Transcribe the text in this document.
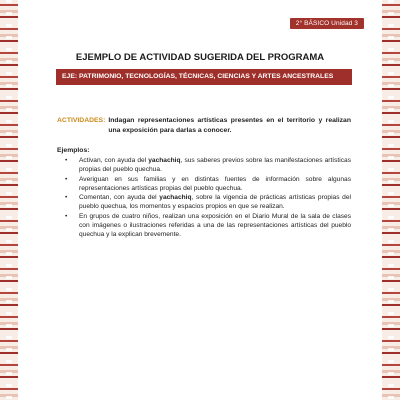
2° BÁSICO Unidad 3
EJEMPLO DE ACTIVIDAD SUGERIDA DEL PROGRAMA
EJE: PATRIMONIO, TECNOLOGÍAS, TÉCNICAS, CIENCIAS Y ARTES ANCESTRALES
ACTIVIDADES: Indagan representaciones artísticas presentes en el territorio y realizan una exposición para darlas a conocer.
Ejemplos:
• Activan, con ayuda del yachachiq, sus saberes previos sobre las manifestaciones artísticas propias del pueblo quechua.
• Averiguan en sus familias y en distintas fuentes de información sobre algunas representaciones artísticas propias del pueblo quechua.
• Comentan, con ayuda del yachachiq, sobre la vigencia de prácticas artísticas propias del pueblo quechua, los momentos y espacios propios en que se realizan.
• En grupos de cuatro niños, realizan una exposición en el Diario Mural de la sala de clases con imágenes o ilustraciones referidas a una de las representaciones artísticas del pueblo quechua y la explican brevemente.
